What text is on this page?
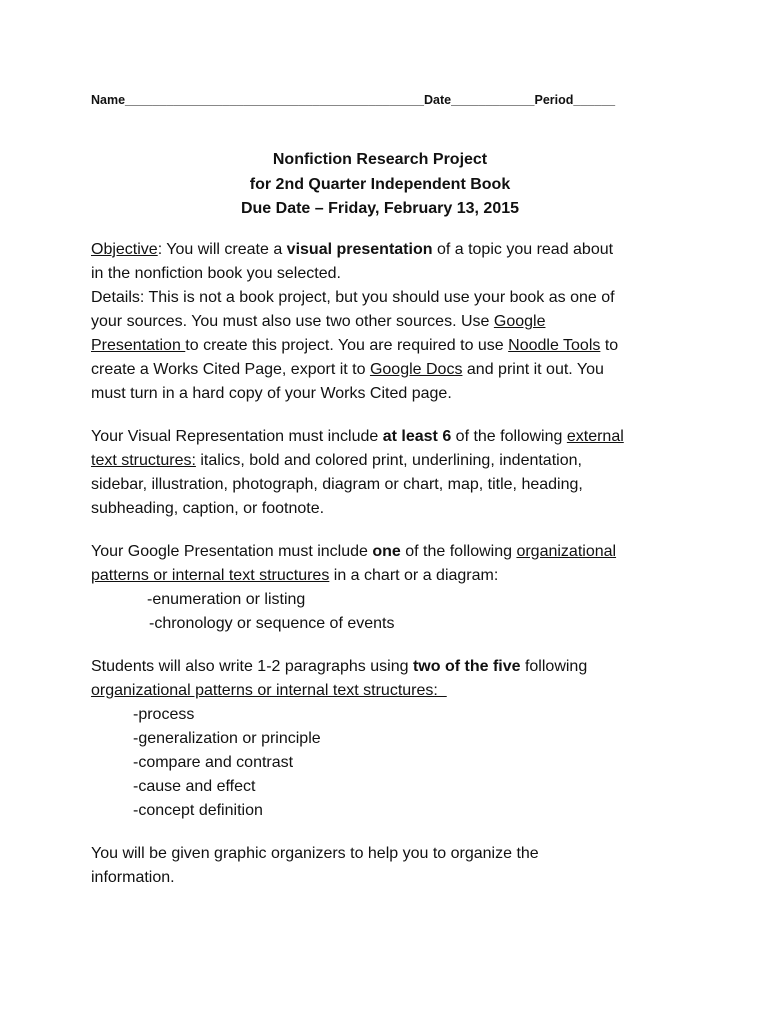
Name___________________________________________Date____________Period______
Nonfiction Research Project
for 2nd Quarter Independent Book
Due Date – Friday, February 13, 2015

Objective: You will create a visual presentation of a topic you read about

in the nonfiction book you selected.

Details: This is not a book project, but you should use your book as one of

your sources. You must also use two other sources. Use Google

Presentation to create this project. You are required to use Noodle Tools to

create a Works Cited Page, export it to Google Docs and print it out. You

must turn in a hard copy of your Works Cited page.

Your Visual Representation must include at least 6 of the following external

text structures: italics, bold and colored print, underlining, indentation,

sidebar, illustration, photograph, diagram or chart, map, title, heading,

subheading, caption, or footnote.

Your Google Presentation must include one of the following organizational

patterns or internal text structures in a chart or a diagram:

-enumeration or listing

-chronology or sequence of events

Students will also write 1-2 paragraphs using two of the five following

organizational patterns or internal text structures:

-process

-generalization or principle

-compare and contrast

-cause and effect

-concept definition

You will be given graphic organizers to help you to organize the

information.
